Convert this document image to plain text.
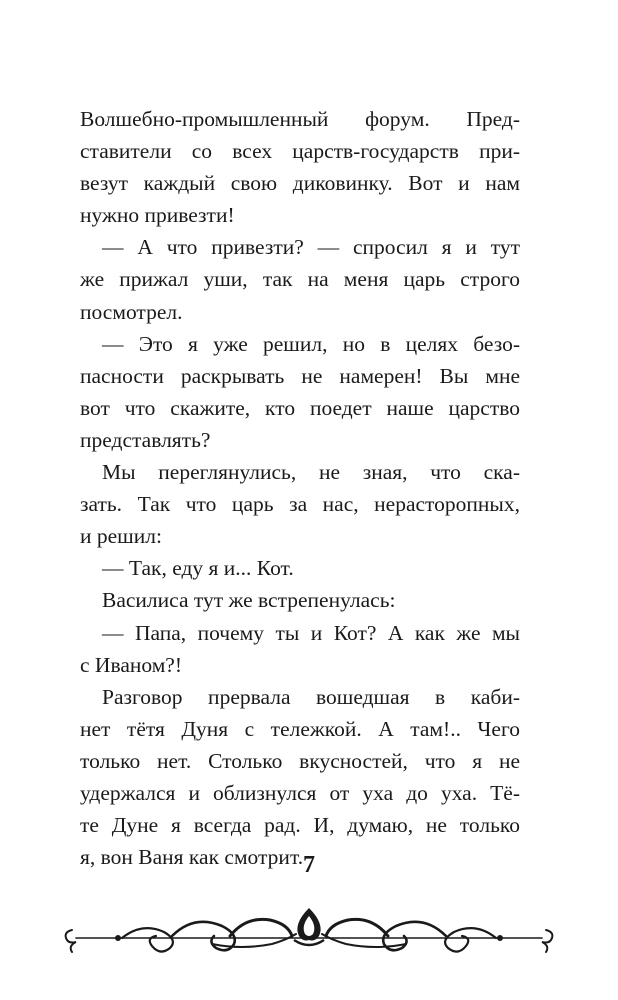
Волшебно-промышленный форум. Пред-
ставители со всех царств-государств при-
везут каждый свою диковинку. Вот и нам
нужно привезти!
— А что привезти? — спросил я и тут
же прижал уши, так на меня царь строго
посмотрел.
— Это я уже решил, но в целях безо-
пасности раскрывать не намерен! Вы мне
вот что скажите, кто поедет наше царство
представлять?
Мы переглянулись, не зная, что ска-
зать. Так что царь за нас, нерасторопных,
и решил:
— Так, еду я и... Кот.
Василиса тут же встрепенулась:
— Папа, почему ты и Кот? А как же мы
с Иваном?!
Разговор прервала вошедшая в каби-
нет тётя Дуня с тележкой. А там!.. Чего
только нет. Столько вкусностей, что я не
удержался и облизнулся от уха до уха. Тё-
те Дуне я всегда рад. И, думаю, не только
я, вон Ваня как смотрит. 7
